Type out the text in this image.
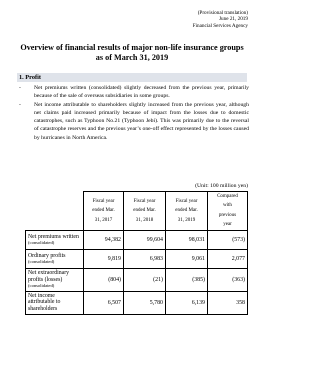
(Provisional translation)
June 21, 2019
Financial Services Agency
Overview of financial results of major non-life insurance groups
as of March 31, 2019
1. Profit
- Net premiums written (consolidated) slightly decreased from the previous year, primarily because of the sale of overseas subsidiaries in some groups.
- Net income attributable to shareholders slightly increased from the previous year, although net claims paid increased primarily because of impact from the losses due to domestic catastrophes, such as Typhoon No.21 (Typhoon Jebi). This was primarily due to the reversal of catastrophe reserves and the previous year’s one-off effect represented by the losses caused by hurricanes in North America.
(Unit: 100 million yen)

	Fiscal year
ended Mar.
31, 2017	Fiscal year
ended Mar.
31, 2018	Fiscal year
ended Mar.
31, 2019	Compared
with
previous
year

Net premiums written
(consolidated)	94,382	99,604	98,031	(573)
Ordinary profits
(consolidated)	9,819	6,983	9,061	2,077
Net extraordinary profits (losses)
(consolidated)	(804)	(21)	(385)	(363)
Net income attributable to shareholders	6,507	5,780	6,139	358
